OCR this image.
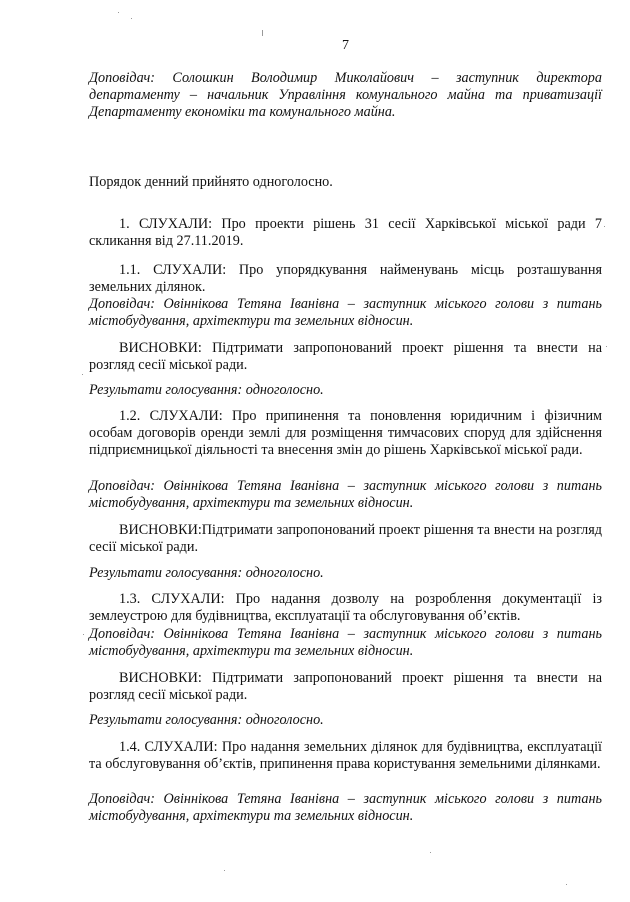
7

Доповідач: Солошкин Володимир Миколайович – заступник директора департаменту – начальник Управління комунального майна та приватизації Департаменту економіки та комунального майна.

Порядок денний прийнято одноголосно.

1. СЛУХАЛИ: Про проекти рішень 31 сесії Харківської міської ради 7 скликання від 27.11.2019.

1.1. СЛУХАЛИ: Про упорядкування найменувань місць розташування земельних ділянок.

Доповідач: Овіннікова Тетяна Іванівна – заступник міського голови з питань містобудування, архітектури та земельних відносин.

ВИСНОВКИ: Підтримати запропонований проект рішення та внести на розгляд сесії міської ради.

Результати голосування: одноголосно.

1.2. СЛУХАЛИ: Про припинення та поновлення юридичним і фізичним особам договорів оренди землі для розміщення тимчасових споруд для здійснення підприємницької діяльності та внесення змін до рішень Харківської міської ради.

Доповідач: Овіннікова Тетяна Іванівна – заступник міського голови з питань містобудування, архітектури та земельних відносин.

ВИСНОВКИ:Підтримати запропонований проект рішення та внести на розгляд сесії міської ради.

Результати голосування: одноголосно.

1.3. СЛУХАЛИ: Про надання дозволу на розроблення документації із землеустрою для будівництва, експлуатації та обслуговування об’єктів.

Доповідач: Овіннікова Тетяна Іванівна – заступник міського голови з питань містобудування, архітектури та земельних відносин.

ВИСНОВКИ: Підтримати запропонований проект рішення та внести на розгляд сесії міської ради.

Результати голосування: одноголосно.

1.4. СЛУХАЛИ: Про надання земельних ділянок для будівництва, експлуатації та обслуговування об’єктів, припинення права користування земельними ділянками.

Доповідач: Овіннікова Тетяна Іванівна – заступник міського голови з питань містобудування, архітектури та земельних відносин.
